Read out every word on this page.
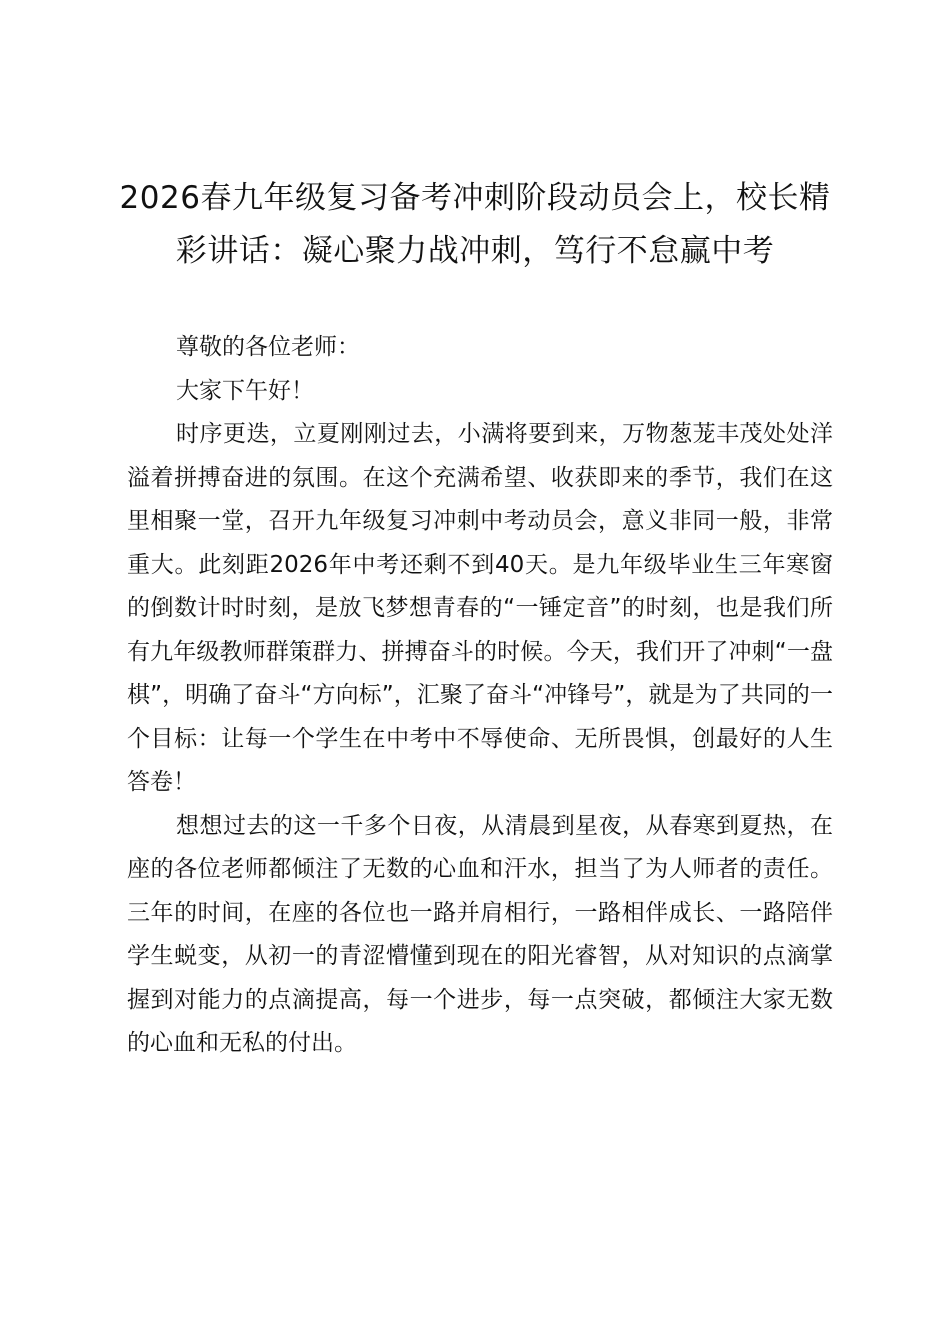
2026春九年级复习备考冲刺阶段动员会上，校长精彩讲话：凝心聚力战冲刺，笃行不怠赢中考

尊敬的各位老师：

大家下午好！

时序更迭，立夏刚刚过去，小满将要到来，万物葱茏丰茂处处洋溢着拼搏奋进的氛围。在这个充满希望、收获即来的季节，我们在这里相聚一堂，召开九年级复习冲刺中考动员会，意义非同一般，非常重大。此刻距2026年中考还剩不到40天。是九年级毕业生三年寒窗的倒数计时时刻，是放飞梦想青春的“一锤定音”的时刻，也是我们所有九年级教师群策群力、拼搏奋斗的时候。今天，我们开了冲刺“一盘棋”，明确了奋斗“方向标”，汇聚了奋斗“冲锋号”，就是为了共同的一个目标：让每一个学生在中考中不辱使命、无所畏惧，创最好的人生答卷！

想想过去的这一千多个日夜，从清晨到星夜，从春寒到夏热，在座的各位老师都倾注了无数的心血和汗水，担当了为人师者的责任。三年的时间，在座的各位也一路并肩相行，一路相伴成长、一路陪伴学生蜕变，从初一的青涩懵懂到现在的阳光睿智，从对知识的点滴掌握到对能力的点滴提高，每一个进步，每一点突破，都倾注大家无数的心血和无私的付出。
